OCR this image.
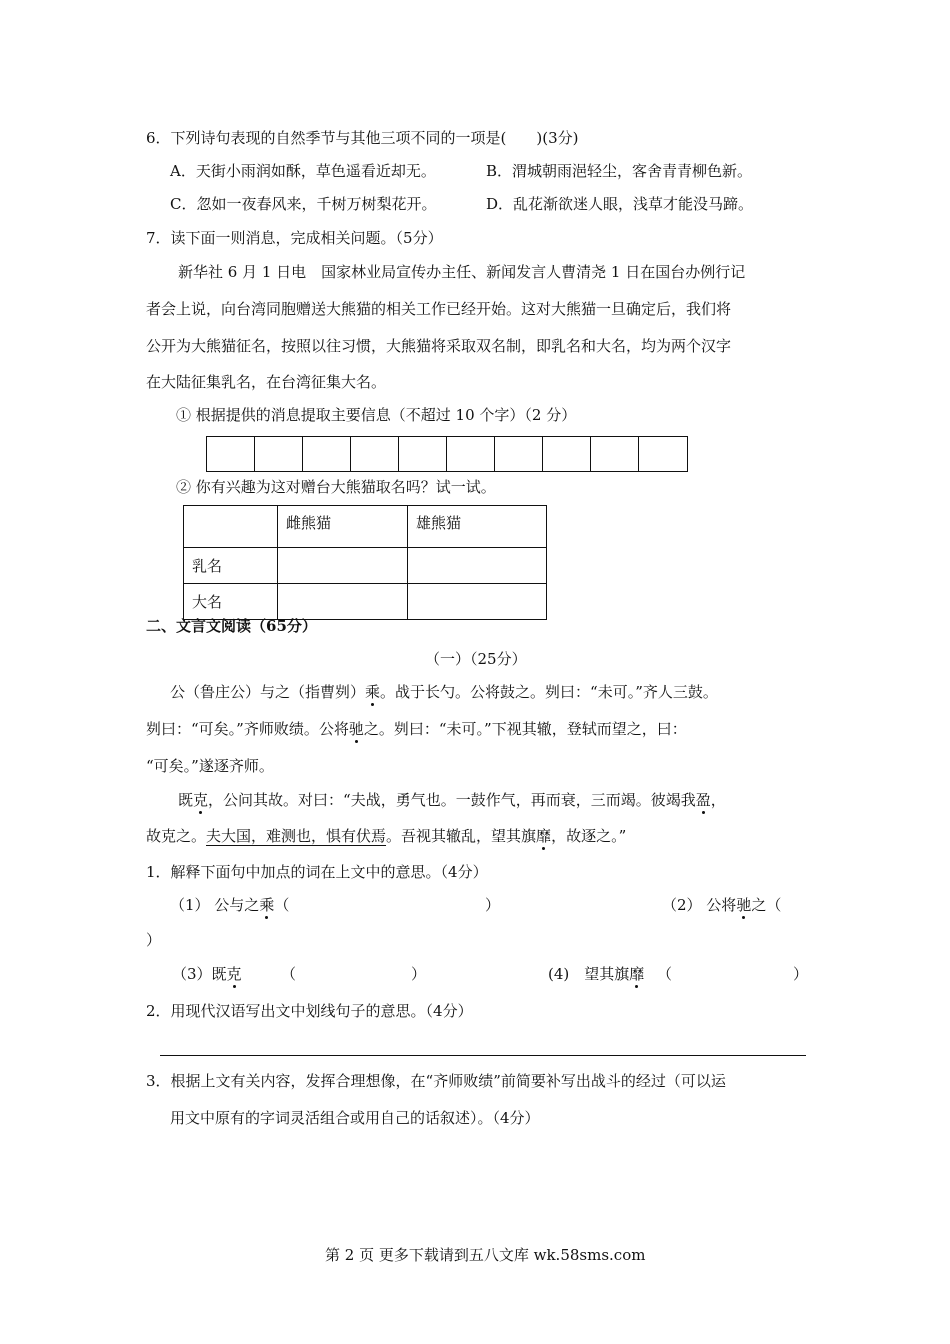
6．下列诗句表现的自然季节与其他三项不同的一项是(　　)(3分)
A．天街小雨润如酥，草色遥看近却无。	B．渭城朝雨浥轻尘，客舍青青柳色新。
C．忽如一夜春风来，千树万树梨花开。	D．乱花渐欲迷人眼，浅草才能没马蹄。
7．读下面一则消息，完成相关问题。（5分）
新华社 6 月 1 日电　国家林业局宣传办主任、新闻发言人曹清尧 1 日在国台办例行记
者会上说，向台湾同胞赠送大熊猫的相关工作已经开始。这对大熊猫一旦确定后，我们将
公开为大熊猫征名，按照以往习惯，大熊猫将采取双名制，即乳名和大名，均为两个汉字
在大陆征集乳名，在台湾征集大名。
① 根据提供的消息提取主要信息（不超过 10 个字）（2 分）
② 你有兴趣为这对赠台大熊猫取名吗？试一试。
	雌熊猫	雄熊猫
乳名		
大名		
二、文言文阅读（65分）
（一）（25分）
公（鲁庄公）与之（指曹刿）乘。战于长勺。公将鼓之。刿曰：“未可。”齐人三鼓。
刿曰：“可矣。”齐师败绩。公将驰之。刿曰：“未可。”下视其辙，登轼而望之，曰：
“可矣。”遂逐齐师。
既克，公问其故。对曰：“夫战，勇气也。一鼓作气，再而衰，三而竭。彼竭我盈，
故克之。夫大国，难测也，惧有伏焉。吾视其辙乱，望其旗靡，故逐之。”
1．解释下面句中加点的词在上文中的意思。（4分）
（1） 公与之乘（	）	（2） 公将驰之（
）
（3）既克	（	）	(4)　望其旗靡 （	）
2．用现代汉语写出文中划线句子的意思。（4分）
3．根据上文有关内容，发挥合理想像，在“齐师败绩”前简要补写出战斗的经过（可以运
用文中原有的字词灵活组合或用自己的话叙述）。（4分）
第 2 页 更多下载请到五八文库 wk.58sms.com
